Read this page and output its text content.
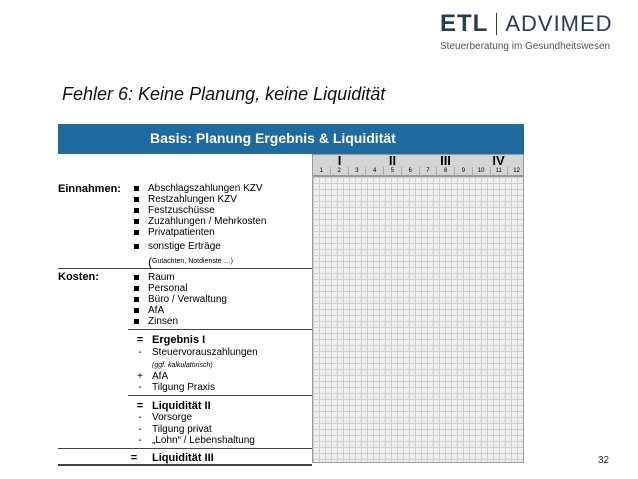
ETL ADVIMED
Steuerberatung im Gesundheitswesen
Fehler 6: Keine Planung, keine Liquidität
Basis: Planung Ergebnis & Liquidität
I	II	III	IV
1	2	3	4	5	6	7	8	9	10	11	12
Einnahmen:	Abschlagszahlungen KZV
Restzahlungen KZV
Festzuschüsse
Zuzahlungen / Mehrkosten
Privatpatienten
sonstige Erträge
( Gutachten, Notdienste …)
Kosten:	Raum
Personal
Büro / Verwaltung
AfA
Zinsen
= Ergebnis I
-	Steuervorauszahlungen
(ggf. kalkulatorisch)
+ AfA
-	Tilgung Praxis
= Liquidität II
-	Vorsorge
-	Tilgung privat
-	„Lohn“ / Lebenshaltung
=	Liquidität III	32
